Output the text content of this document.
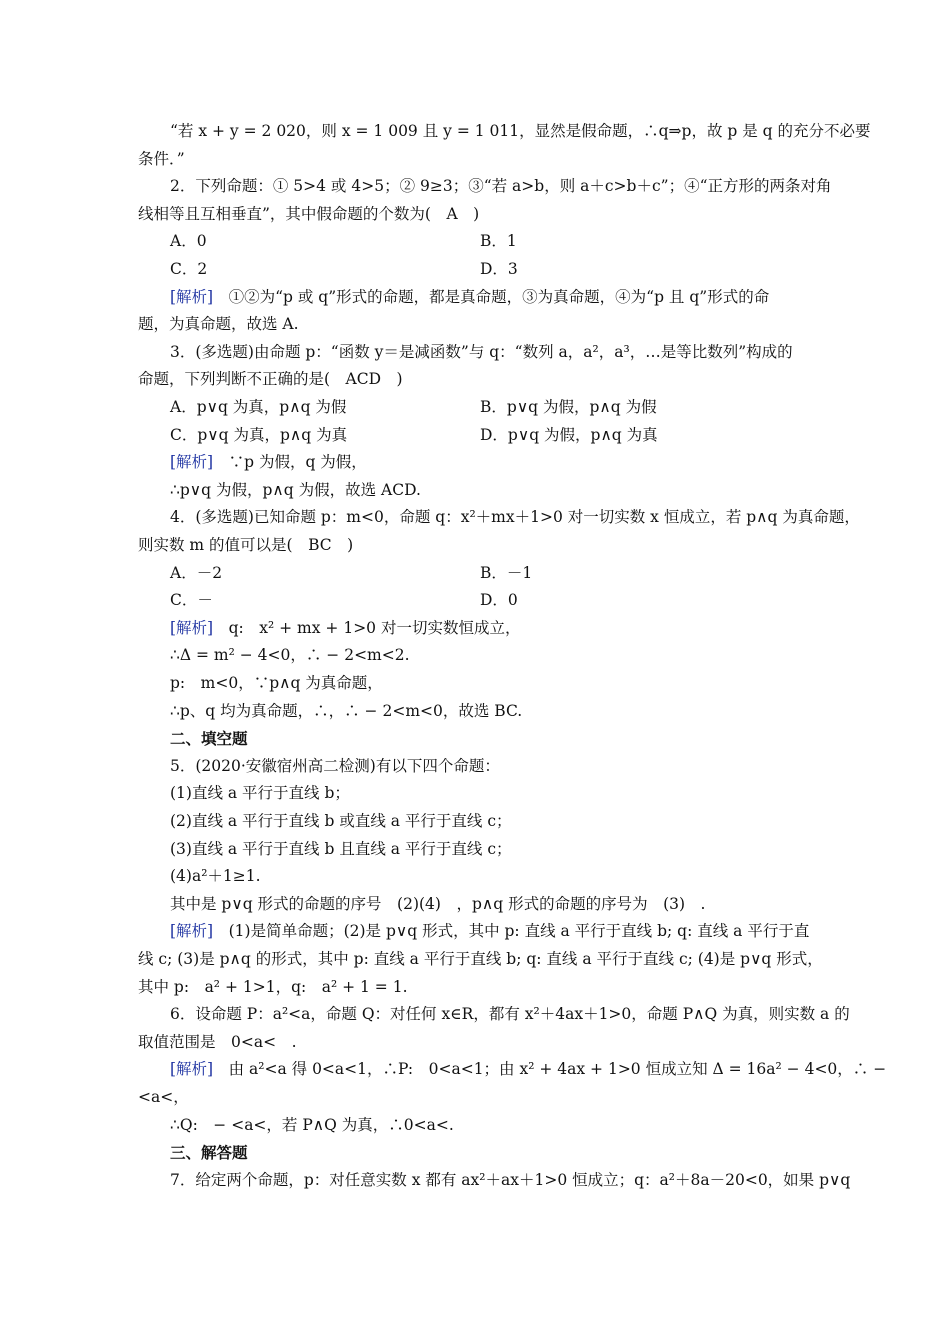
“若 x + y = 2 020，则 x = 1 009 且 y = 1 011，显然是假命题，∴q⇒p，故 p 是 q 的充分不必要
条件．”
2．下列命题：① 5>4 或 4>5；② 9≥3；③“若 a>b，则 a＋c>b＋c”；④“正方形的两条对角
线相等且互相垂直”，其中假命题的个数为(　A　)
A．0	B．1
C．2	D．3
[解析]　①②为“p 或 q”形式的命题，都是真命题，③为真命题，④为“p 且 q”形式的命
题，为真命题，故选 A.
3．(多选题)由命题 p：“函数 y＝是减函数”与 q：“数列 a，a²，a³，…是等比数列”构成的
命题，下列判断不正确的是(　ACD　)
A．p∨q 为真，p∧q 为假	B．p∨q 为假，p∧q 为假
C．p∨q 为真，p∧q 为真	D．p∨q 为假，p∧q 为真
[解析]　∵p 为假，q 为假，
∴p∨q 为假，p∧q 为假，故选 ACD.
4．(多选题)已知命题 p：m<0，命题 q：x²＋mx＋1>0 对一切实数 x 恒成立，若 p∧q 为真命题，
则实数 m 的值可以是(　BC　)
A．－2	B．－1
C．－	D．0
[解析]　q:　x² + mx + 1>0 对一切实数恒成立，
∴Δ = m² − 4<0，∴ − 2<m<2.
p:　m<0，∵p∧q 为真命题，
∴p、q 均为真命题，∴，∴ − 2<m<0，故选 BC.
二、填空题
5．(2020·安徽宿州高二检测)有以下四个命题：
(1)直线 a 平行于直线 b；
(2)直线 a 平行于直线 b 或直线 a 平行于直线 c；
(3)直线 a 平行于直线 b 且直线 a 平行于直线 c；
(4)a²＋1≥1.
其中是 p∨q 形式的命题的序号　(2)(4)　，p∧q 形式的命题的序号为　(3)　.
[解析]　(1)是简单命题；(2)是 p∨q 形式，其中 p: 直线 a 平行于直线 b; q: 直线 a 平行于直
线 c; (3)是 p∧q 的形式，其中 p: 直线 a 平行于直线 b; q: 直线 a 平行于直线 c; (4)是 p∨q 形式，
其中 p:　a² + 1>1，q:　a² + 1 = 1.
6．设命题 P：a²<a，命题 Q：对任何 x∈R，都有 x²＋4ax＋1>0，命题 P∧Q 为真，则实数 a 的
取值范围是　0<a<　.
[解析]　由 a²<a 得 0<a<1，∴P:　0<a<1；由 x² + 4ax + 1>0 恒成立知 Δ = 16a² − 4<0，∴ −
<a<，
∴Q:　− <a<，若 P∧Q 为真，∴0<a<.
三、解答题
7．给定两个命题，p：对任意实数 x 都有 ax²＋ax＋1>0 恒成立；q：a²＋8a－20<0，如果 p∨q
